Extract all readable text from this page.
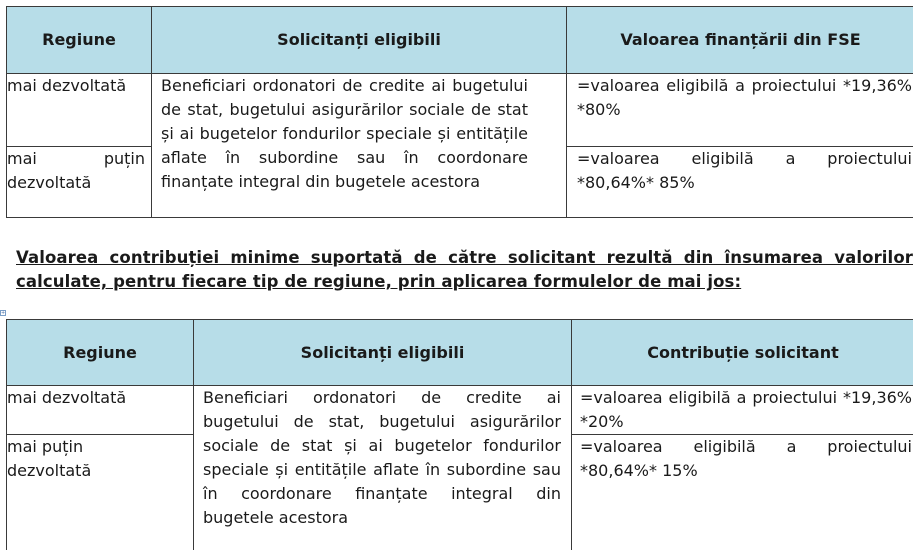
Regiune	Solicitanți eligibili	Valoarea finanțării din FSE
mai dezvoltată	Beneficiari ordonatori de credite ai bugetului de stat, bugetului asigurărilor sociale de stat și ai bugetelor fondurilor speciale și entitățile aflate în subordine sau în coordonare finanțate integral din bugetele acestora	=valoarea eligibilă a proiectului *19,36% *80%
mai puțin dezvoltată		=valoarea eligibilă a proiectului *80,64%* 85%
Valoarea contribuției minime suportată de către solicitant rezultă din însumarea valorilor calculate, pentru fiecare tip de regiune, prin aplicarea formulelor de mai jos:
+
Regiune	Solicitanți eligibili	Contribuție solicitant
mai dezvoltată	Beneficiari ordonatori de credite ai bugetului de stat, bugetului asigurărilor sociale de stat și ai bugetelor fondurilor speciale și entitățile aflate în subordine sau în coordonare finanțate integral din bugetele acestora	=valoarea eligibilă a proiectului *19,36% *20%
mai puțin dezvoltată		=valoarea eligibilă a proiectului *80,64%* 15%
